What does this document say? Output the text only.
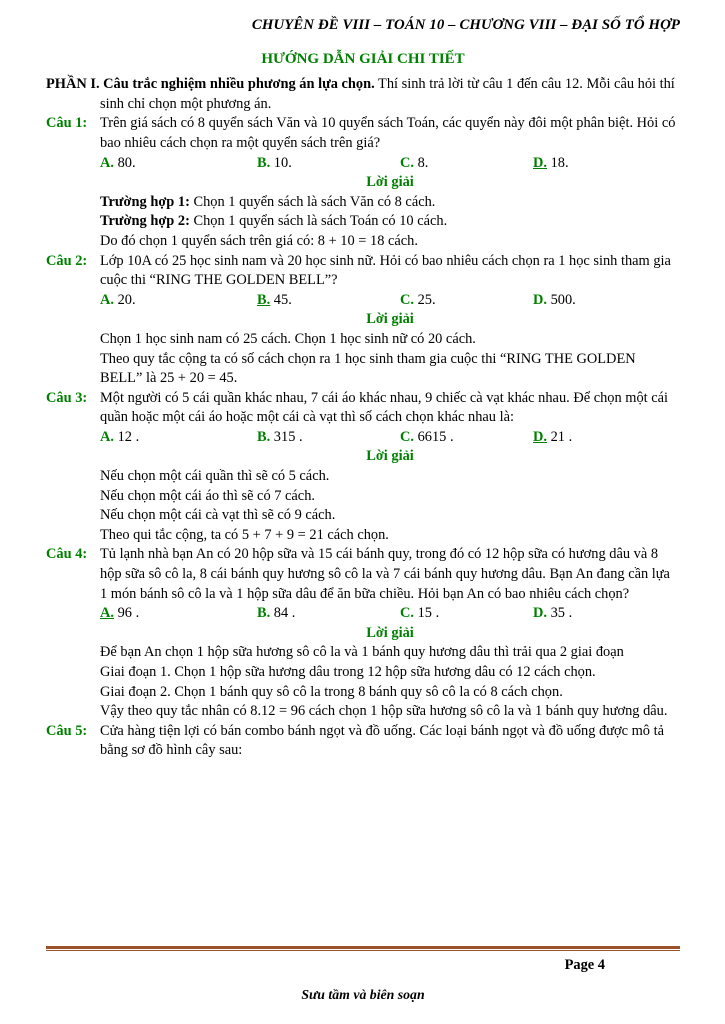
CHUYÊN ĐỀ VIII – TOÁN 10 – CHƯƠNG VIII – ĐẠI SỐ TỔ HỢP
HƯỚNG DẪN GIẢI CHI TIẾT
PHẦN I. Câu trắc nghiệm nhiều phương án lựa chọn. Thí sinh trả lời từ câu 1 đến câu 12. Mỗi câu hỏi thí sinh chỉ chọn một phương án.
Câu 1: Trên giá sách có 8 quyển sách Văn và 10 quyển sách Toán, các quyển này đôi một phân biệt. Hỏi có bao nhiêu cách chọn ra một quyển sách trên giá?
A. 80.	B. 10.	C. 8.	D. 18.
Lời giải
Trường hợp 1: Chọn 1 quyển sách là sách Văn có 8 cách.
Trường hợp 2: Chọn 1 quyển sách là sách Toán có 10 cách.
Do đó chọn 1 quyển sách trên giá có: 8 + 10 = 18 cách.
Câu 2: Lớp 10A có 25 học sinh nam và 20 học sinh nữ. Hỏi có bao nhiêu cách chọn ra 1 học sinh tham gia cuộc thi “RING THE GOLDEN BELL”?
A. 20.	B. 45.	C. 25.	D. 500.
Lời giải
Chọn 1 học sinh nam có 25 cách. Chọn 1 học sinh nữ có 20 cách.
Theo quy tắc cộng ta có số cách chọn ra 1 học sinh tham gia cuộc thi “RING THE GOLDEN BELL” là 25 + 20 = 45.
Câu 3: Một người có 5 cái quần khác nhau, 7 cái áo khác nhau, 9 chiếc cà vạt khác nhau. Để chọn một cái quần hoặc một cái áo hoặc một cái cà vạt thì số cách chọn khác nhau là:
A. 12 .	B. 315 .	C. 6615 .	D. 21 .
Lời giải
Nếu chọn một cái quần thì sẽ có 5 cách.
Nếu chọn một cái áo thì sẽ có 7 cách.
Nếu chọn một cái cà vạt thì sẽ có 9 cách.
Theo qui tắc cộng, ta có 5 + 7 + 9 = 21 cách chọn.
Câu 4: Tủ lạnh nhà bạn An có 20 hộp sữa và 15 cái bánh quy, trong đó có 12 hộp sữa có hương dâu và 8 hộp sữa sô cô la, 8 cái bánh quy hương sô cô la và 7 cái bánh quy hương dâu. Bạn An đang cần lựa 1 món bánh sô cô la và 1 hộp sữa dâu để ăn bữa chiều. Hỏi bạn An có bao nhiêu cách chọn?
A. 96 .	B. 84 .	C. 15 .	D. 35 .
Lời giải
Để bạn An chọn 1 hộp sữa hương sô cô la và 1 bánh quy hương dâu thì trải qua 2 giai đoạn
Giai đoạn 1. Chọn 1 hộp sữa hương dâu trong 12 hộp sữa hương dâu có 12 cách chọn.
Giai đoạn 2. Chọn 1 bánh quy sô cô la trong 8 bánh quy sô cô la có 8 cách chọn.
Vậy theo quy tắc nhân có 8.12 = 96 cách chọn 1 hộp sữa hương sô cô la và 1 bánh quy hương dâu.
Câu 5: Cửa hàng tiện lợi có bán combo bánh ngọt và đồ uống. Các loại bánh ngọt và đồ uống được mô tả bằng sơ đồ hình cây sau:
Page 4
Sưu tầm và biên soạn
